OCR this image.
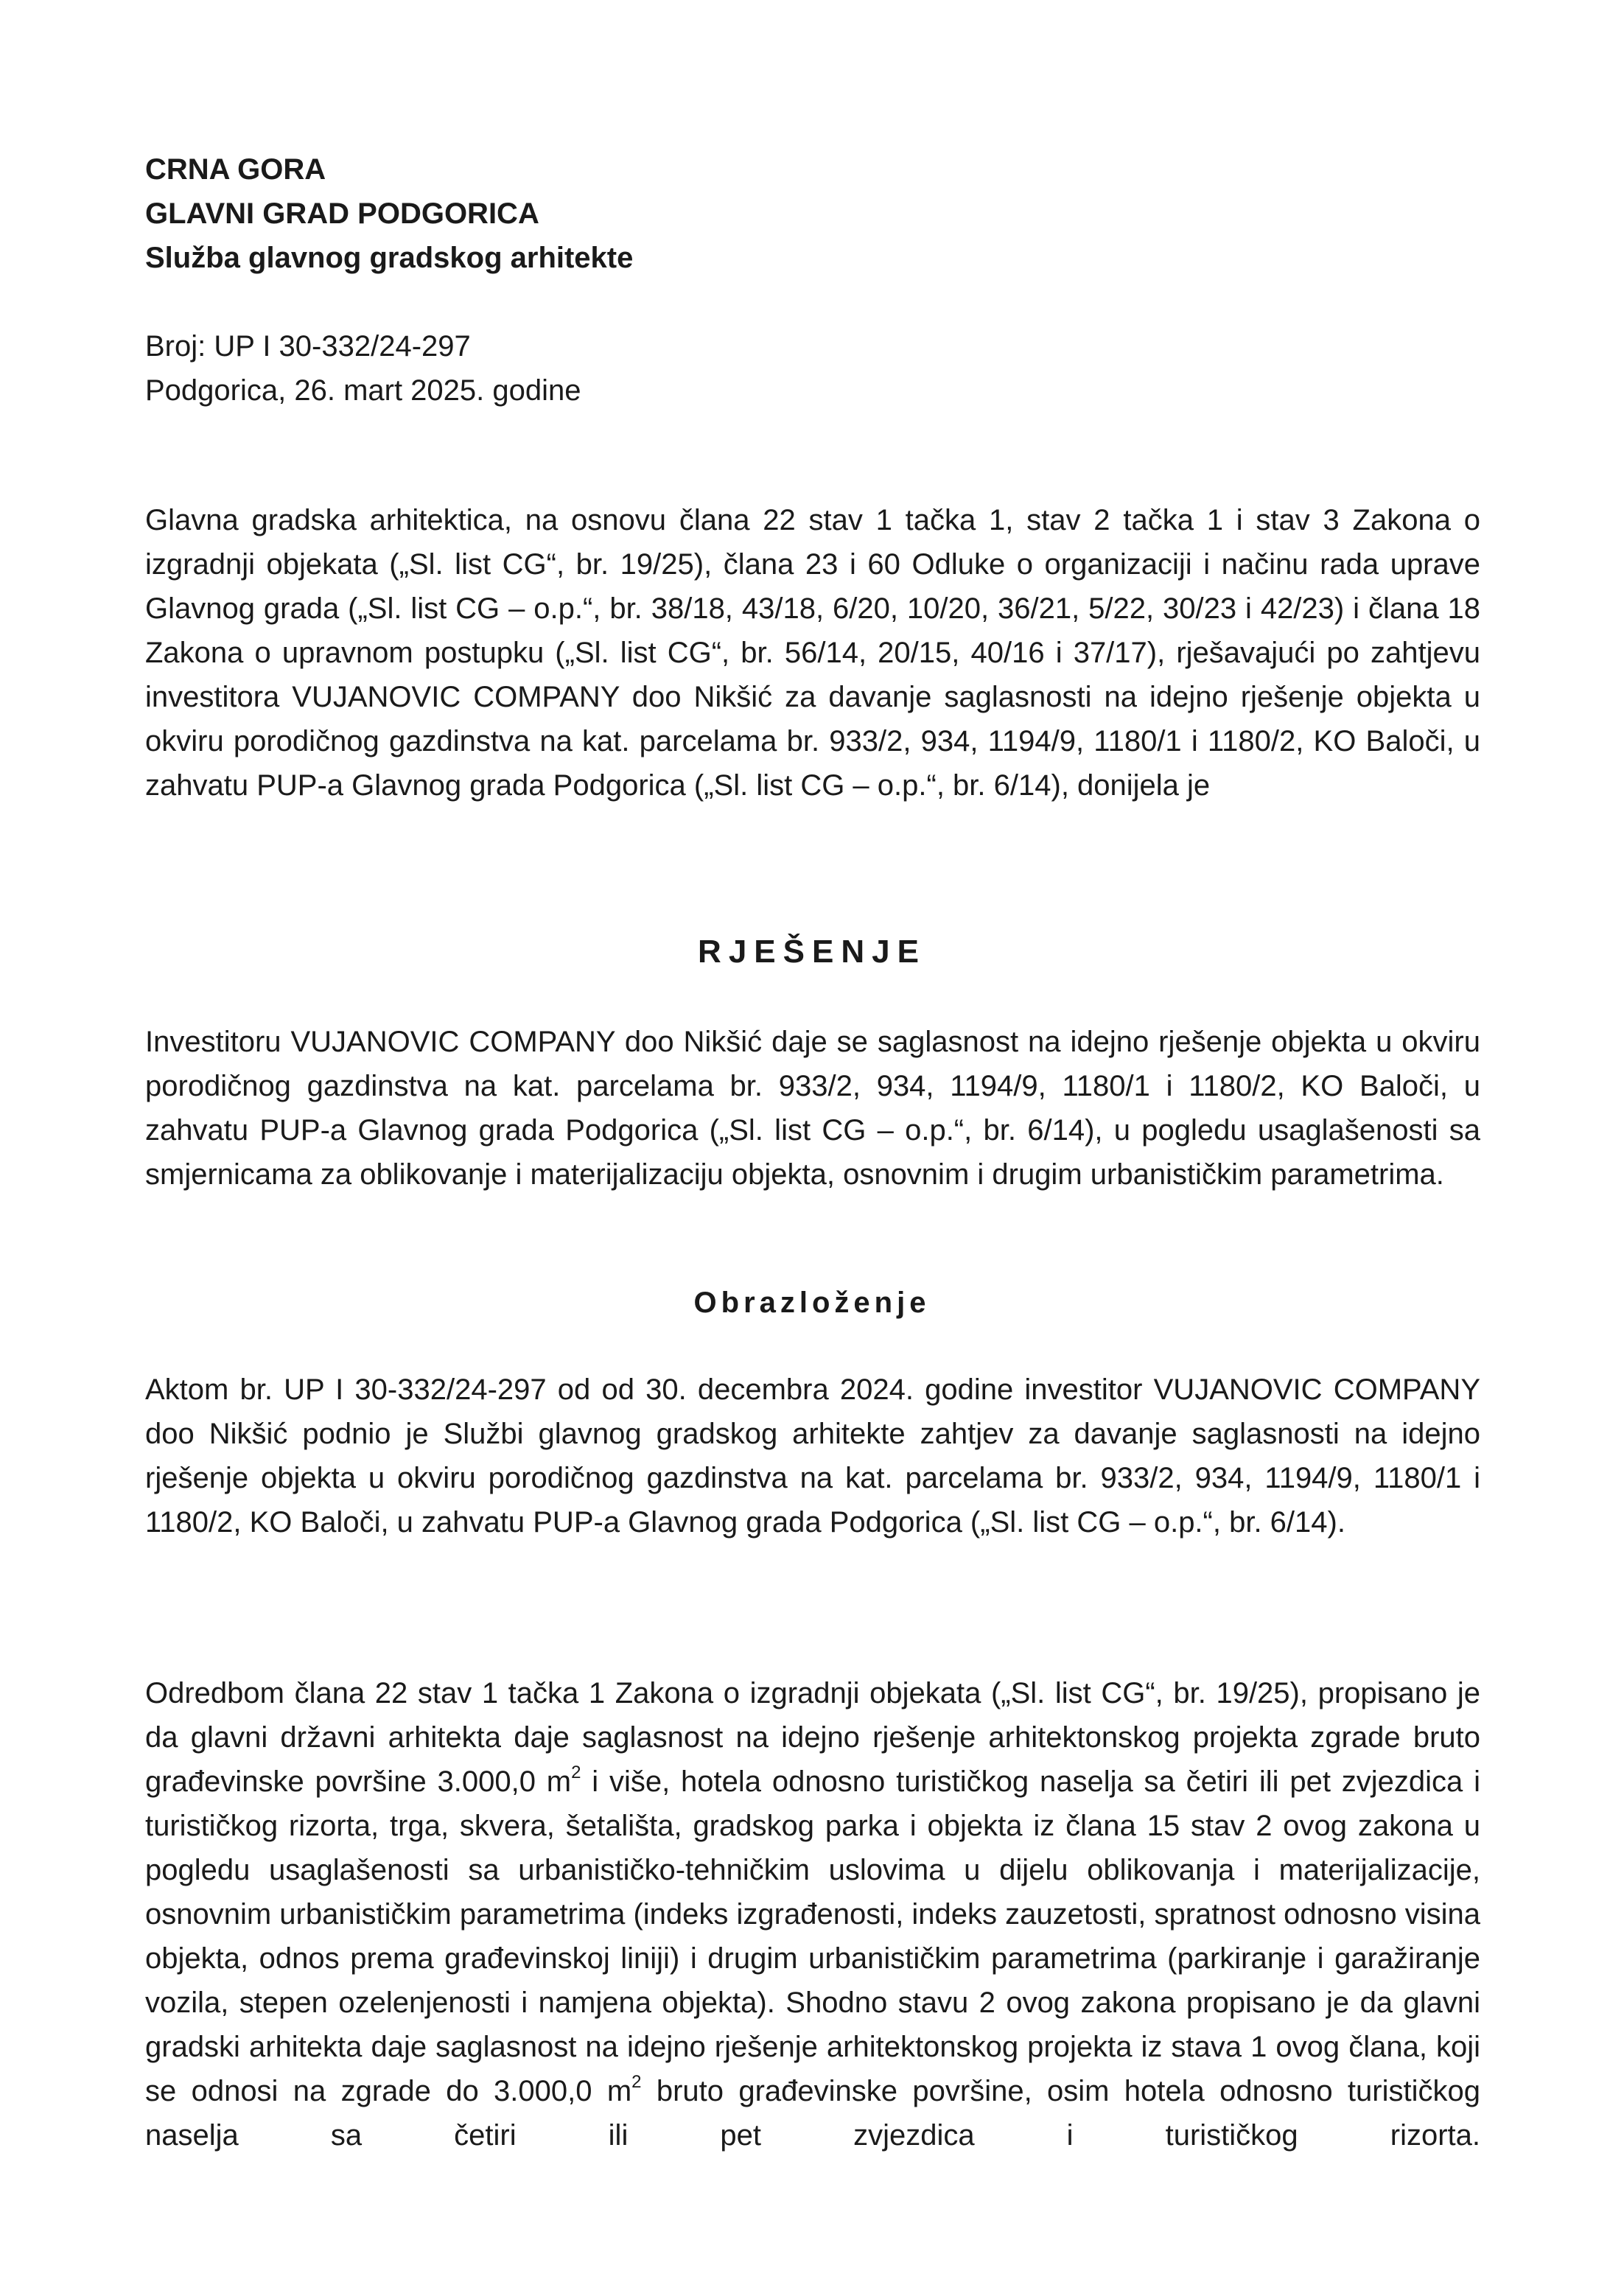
CRNA GORA

GLAVNI GRAD PODGORICA

Služba glavnog gradskog arhitekte

Broj: UP I 30-332/24-297

Podgorica, 26. mart 2025. godine

Glavna gradska arhitektica, na osnovu člana 22 stav 1 tačka 1, stav 2 tačka 1 i stav 3 Zakona o izgradnji objekata („Sl. list CG“, br. 19/25), člana 23 i 60 Odluke o organizaciji i načinu rada uprave Glavnog grada („Sl. list CG – o.p.“, br. 38/18, 43/18, 6/20, 10/20, 36/21, 5/22, 30/23 i 42/23) i člana 18 Zakona o upravnom postupku („Sl. list CG“, br. 56/14, 20/15, 40/16 i 37/17), rješavajući po zahtjevu investitora VUJANOVIC COMPANY doo Nikšić za davanje saglasnosti na idejno rješenje objekta u okviru porodičnog gazdinstva na kat. parcelama br. 933/2, 934, 1194/9, 1180/1 i 1180/2, KO Baloči, u zahvatu PUP-a Glavnog grada Podgorica („Sl. list CG – o.p.“, br. 6/14), donijela je

RJEŠENJE

Investitoru VUJANOVIC COMPANY doo Nikšić daje se saglasnost na idejno rješenje objekta u okviru porodičnog gazdinstva na kat. parcelama br. 933/2, 934, 1194/9, 1180/1 i 1180/2, KO Baloči, u zahvatu PUP-a Glavnog grada Podgorica („Sl. list CG – o.p.“, br. 6/14), u pogledu usaglašenosti sa smjernicama za oblikovanje i materijalizaciju objekta, osnovnim i drugim urbanističkim parametrima.

Obrazloženje

Aktom br. UP I 30-332/24-297 od od 30. decembra 2024. godine investitor VUJANOVIC COMPANY doo Nikšić podnio je Službi glavnog gradskog arhitekte zahtjev za davanje saglasnosti na idejno rješenje objekta u okviru porodičnog gazdinstva na kat. parcelama br. 933/2, 934, 1194/9, 1180/1 i 1180/2, KO Baloči, u zahvatu PUP-a Glavnog grada Podgorica („Sl. list CG – o.p.“, br. 6/14).

Odredbom člana 22 stav 1 tačka 1 Zakona o izgradnji objekata („Sl. list CG“, br. 19/25), propisano je da glavni državni arhitekta daje saglasnost na idejno rješenje arhitektonskog projekta zgrade bruto građevinske površine 3.000,0 $m^2$ i više, hotela odnosno turističkog naselja sa četiri ili pet zvjezdica i turističkog rizorta, trga, skvera, šetališta, gradskog parka i objekta iz člana 15 stav 2 ovog zakona u pogledu usaglašenosti sa urbanističko-tehničkim uslovima u dijelu oblikovanja i materijalizacije, osnovnim urbanističkim parametrima (indeks izgrađenosti, indeks zauzetosti, spratnost odnosno visina objekta, odnos prema građevinskoj liniji) i drugim urbanističkim parametrima (parkiranje i garažiranje vozila, stepen ozelenjenosti i namjena objekta). Shodno stavu 2 ovog zakona propisano je da glavni gradski arhitekta daje saglasnost na idejno rješenje arhitektonskog projekta iz stava 1 ovog člana, koji se odnosi na zgrade do 3.000,0 $m^2$ bruto građevinske površine, osim hotela odnosno turističkog naselja sa četiri ili pet zvjezdica i turističkog rizorta.
